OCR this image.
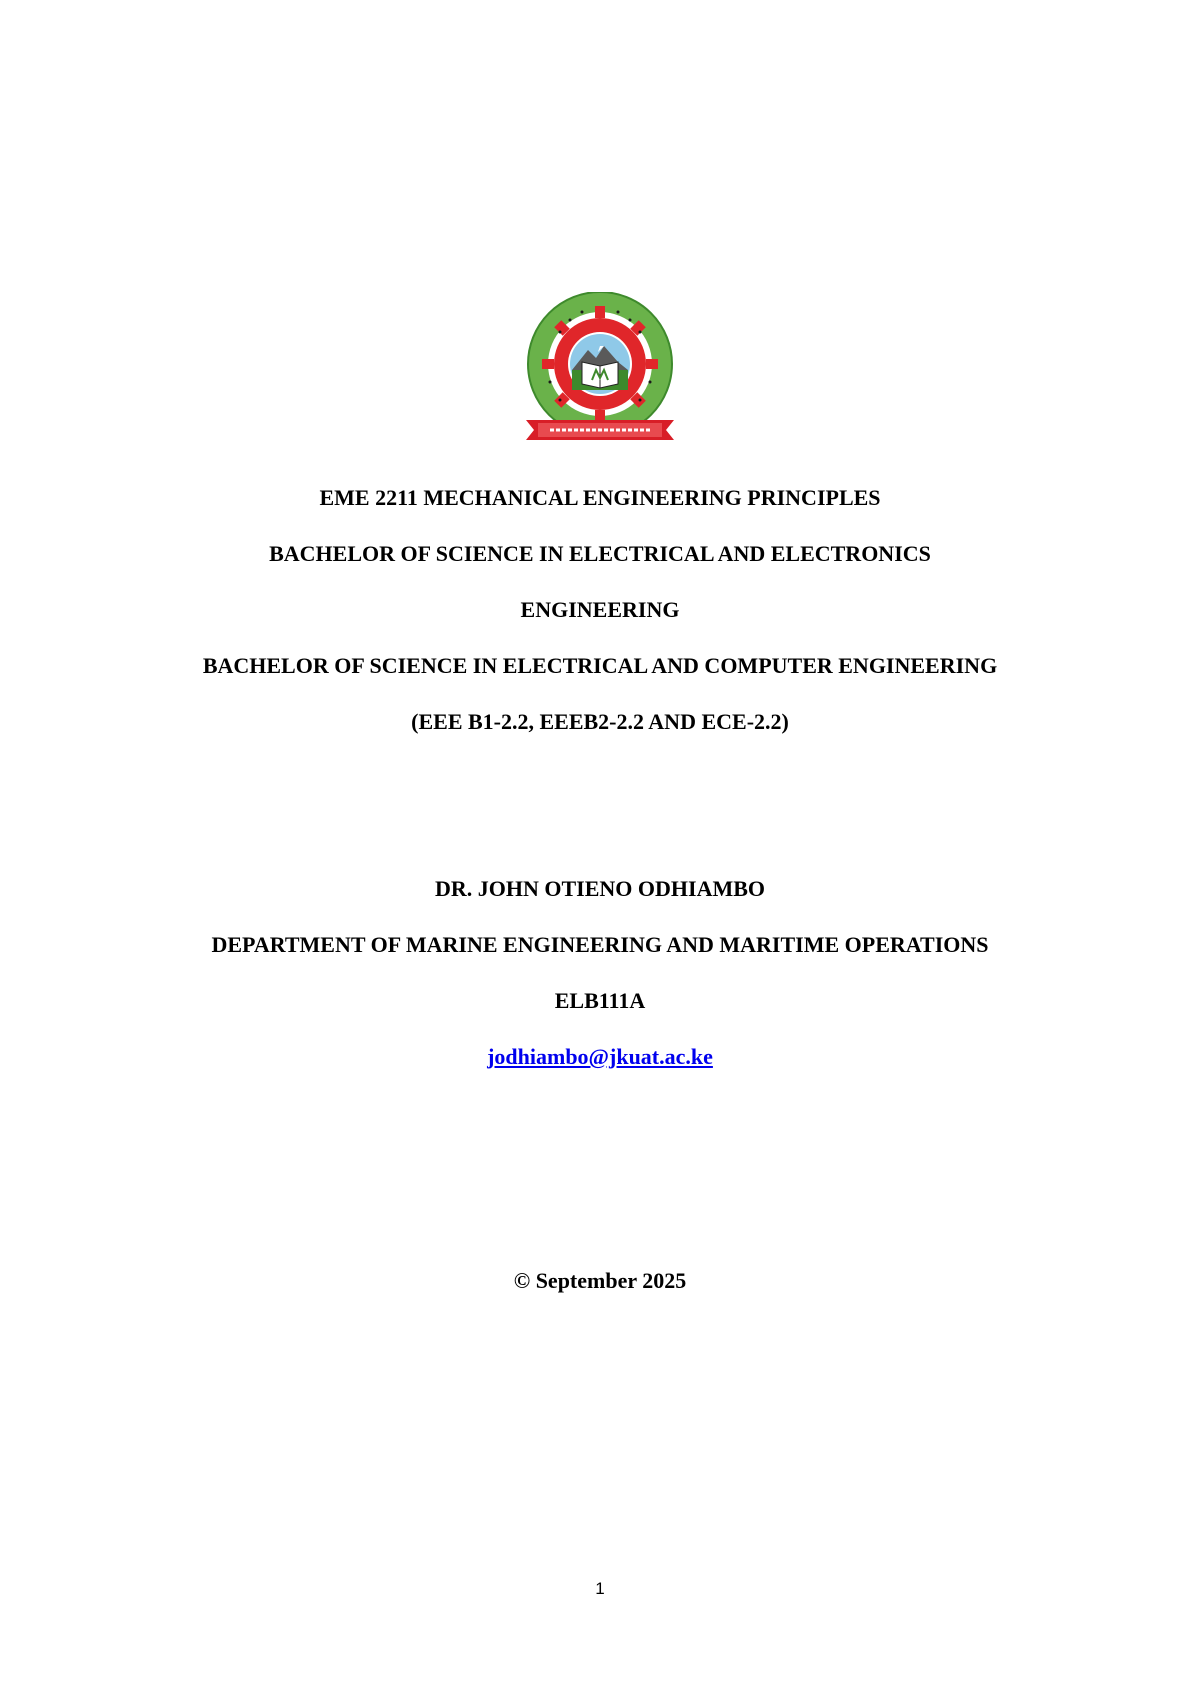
EME 2211 MECHANICAL ENGINEERING PRINCIPLES
BACHELOR OF SCIENCE IN ELECTRICAL AND ELECTRONICS
ENGINEERING
BACHELOR OF SCIENCE IN ELECTRICAL AND COMPUTER ENGINEERING
(EEE B1-2.2, EEEB2-2.2 AND ECE-2.2)
DR. JOHN OTIENO ODHIAMBO
DEPARTMENT OF MARINE ENGINEERING AND MARITIME OPERATIONS
ELB111A
jodhiambo@jkuat.ac.ke
© September 2025
1
